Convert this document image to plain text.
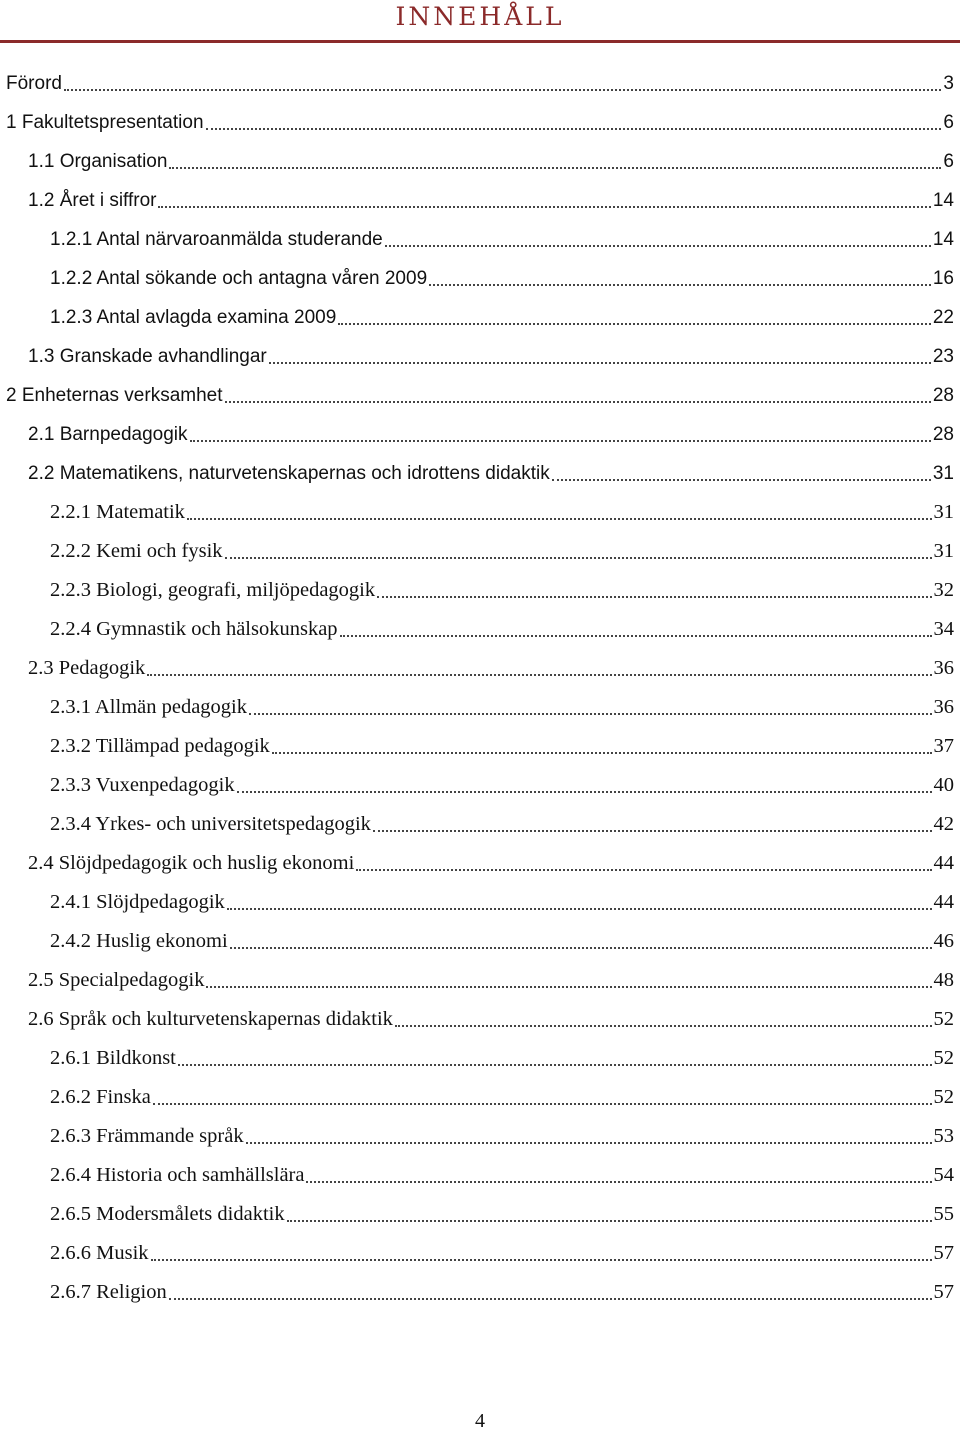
INNEHÅLL
Förord	3
1 Fakultetspresentation	6
1.1 Organisation	6
1.2 Året i siffror	14
1.2.1 Antal närvaroanmälda studerande	14
1.2.2 Antal sökande och antagna våren 2009	16
1.2.3 Antal avlagda examina 2009	22
1.3 Granskade avhandlingar	23
2 Enheternas verksamhet	28
2.1 Barnpedagogik	28
2.2 Matematikens, naturvetenskapernas och idrottens didaktik	31
2.2.1 Matematik	31
2.2.2 Kemi och fysik	31
2.2.3 Biologi, geografi, miljöpedagogik	32
2.2.4 Gymnastik och hälsokunskap	34
2.3 Pedagogik	36
2.3.1 Allmän pedagogik	36
2.3.2 Tillämpad pedagogik	37
2.3.3 Vuxenpedagogik	40
2.3.4 Yrkes- och universitetspedagogik	42
2.4 Slöjdpedagogik och huslig ekonomi	44
2.4.1 Slöjdpedagogik	44
2.4.2 Huslig ekonomi	46
2.5 Specialpedagogik	48
2.6 Språk och kulturvetenskapernas didaktik	52
2.6.1 Bildkonst	52
2.6.2 Finska	52
2.6.3 Främmande språk	53
2.6.4 Historia och samhällslära	54
2.6.5 Modersmålets didaktik	55
2.6.6 Musik	57
2.6.7 Religion	57
4
